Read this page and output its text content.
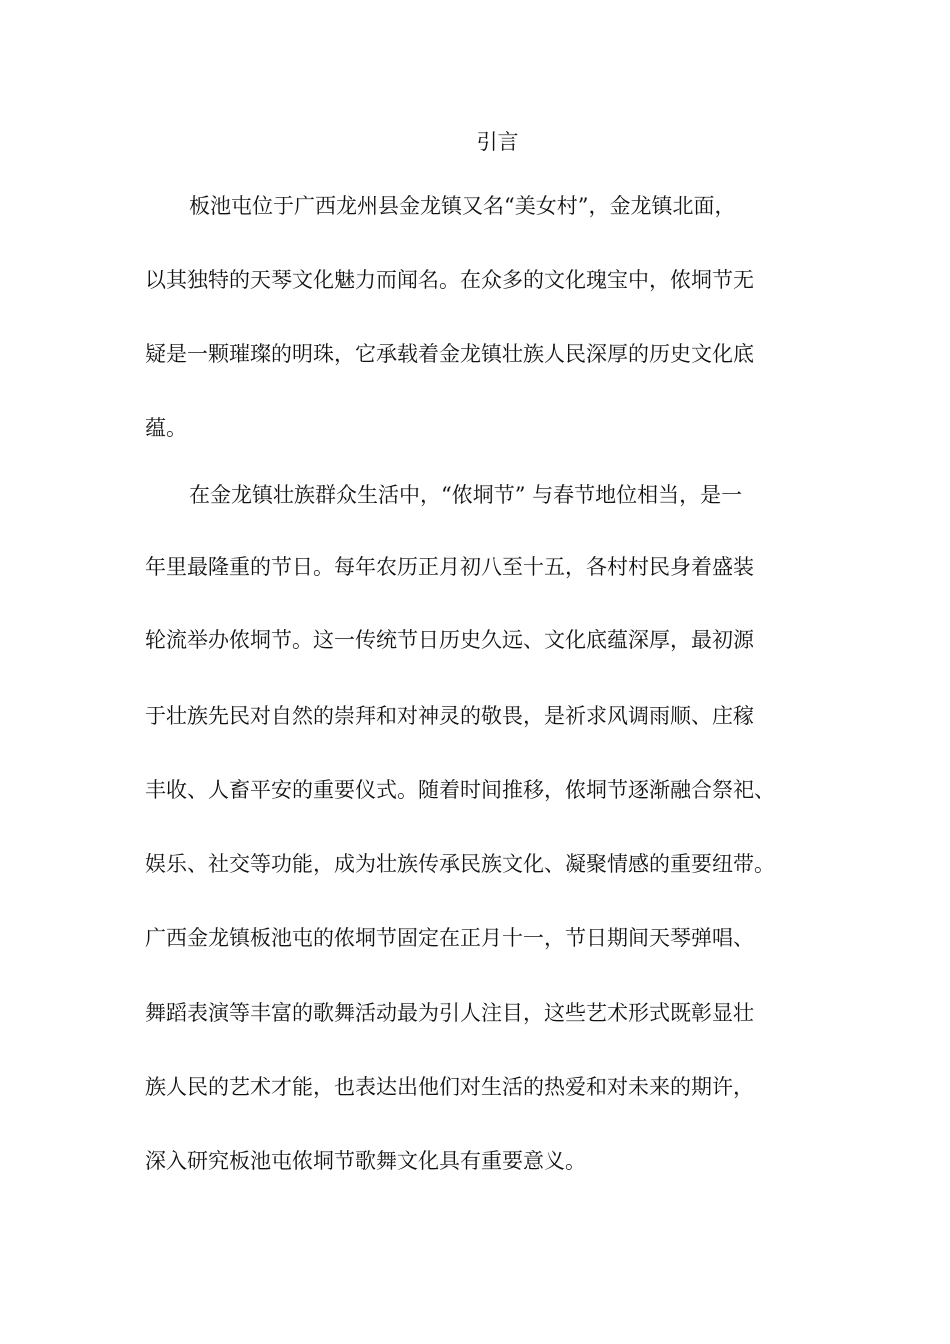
引言
板池屯位于广西龙州县金龙镇又名“美女村”，金龙镇北面，
以其独特的天琴文化魅力而闻名。在众多的文化瑰宝中，侬垌节无
疑是一颗璀璨的明珠，它承载着金龙镇壮族人民深厚的历史文化底
蕴。
在金龙镇壮族群众生活中，“侬垌节” 与春节地位相当，是一
年里最隆重的节日。每年农历正月初八至十五，各村村民身着盛装
轮流举办侬垌节。这一传统节日历史久远、文化底蕴深厚，最初源
于壮族先民对自然的崇拜和对神灵的敬畏，是祈求风调雨顺、庄稼
丰收、人畜平安的重要仪式。随着时间推移，侬垌节逐渐融合祭祀、
娱乐、社交等功能，成为壮族传承民族文化、凝聚情感的重要纽带。
广西金龙镇板池屯的侬垌节固定在正月十一，节日期间天琴弹唱、
舞蹈表演等丰富的歌舞活动最为引人注目，这些艺术形式既彰显壮
族人民的艺术才能，也表达出他们对生活的热爱和对未来的期许，
深入研究板池屯侬垌节歌舞文化具有重要意义。
